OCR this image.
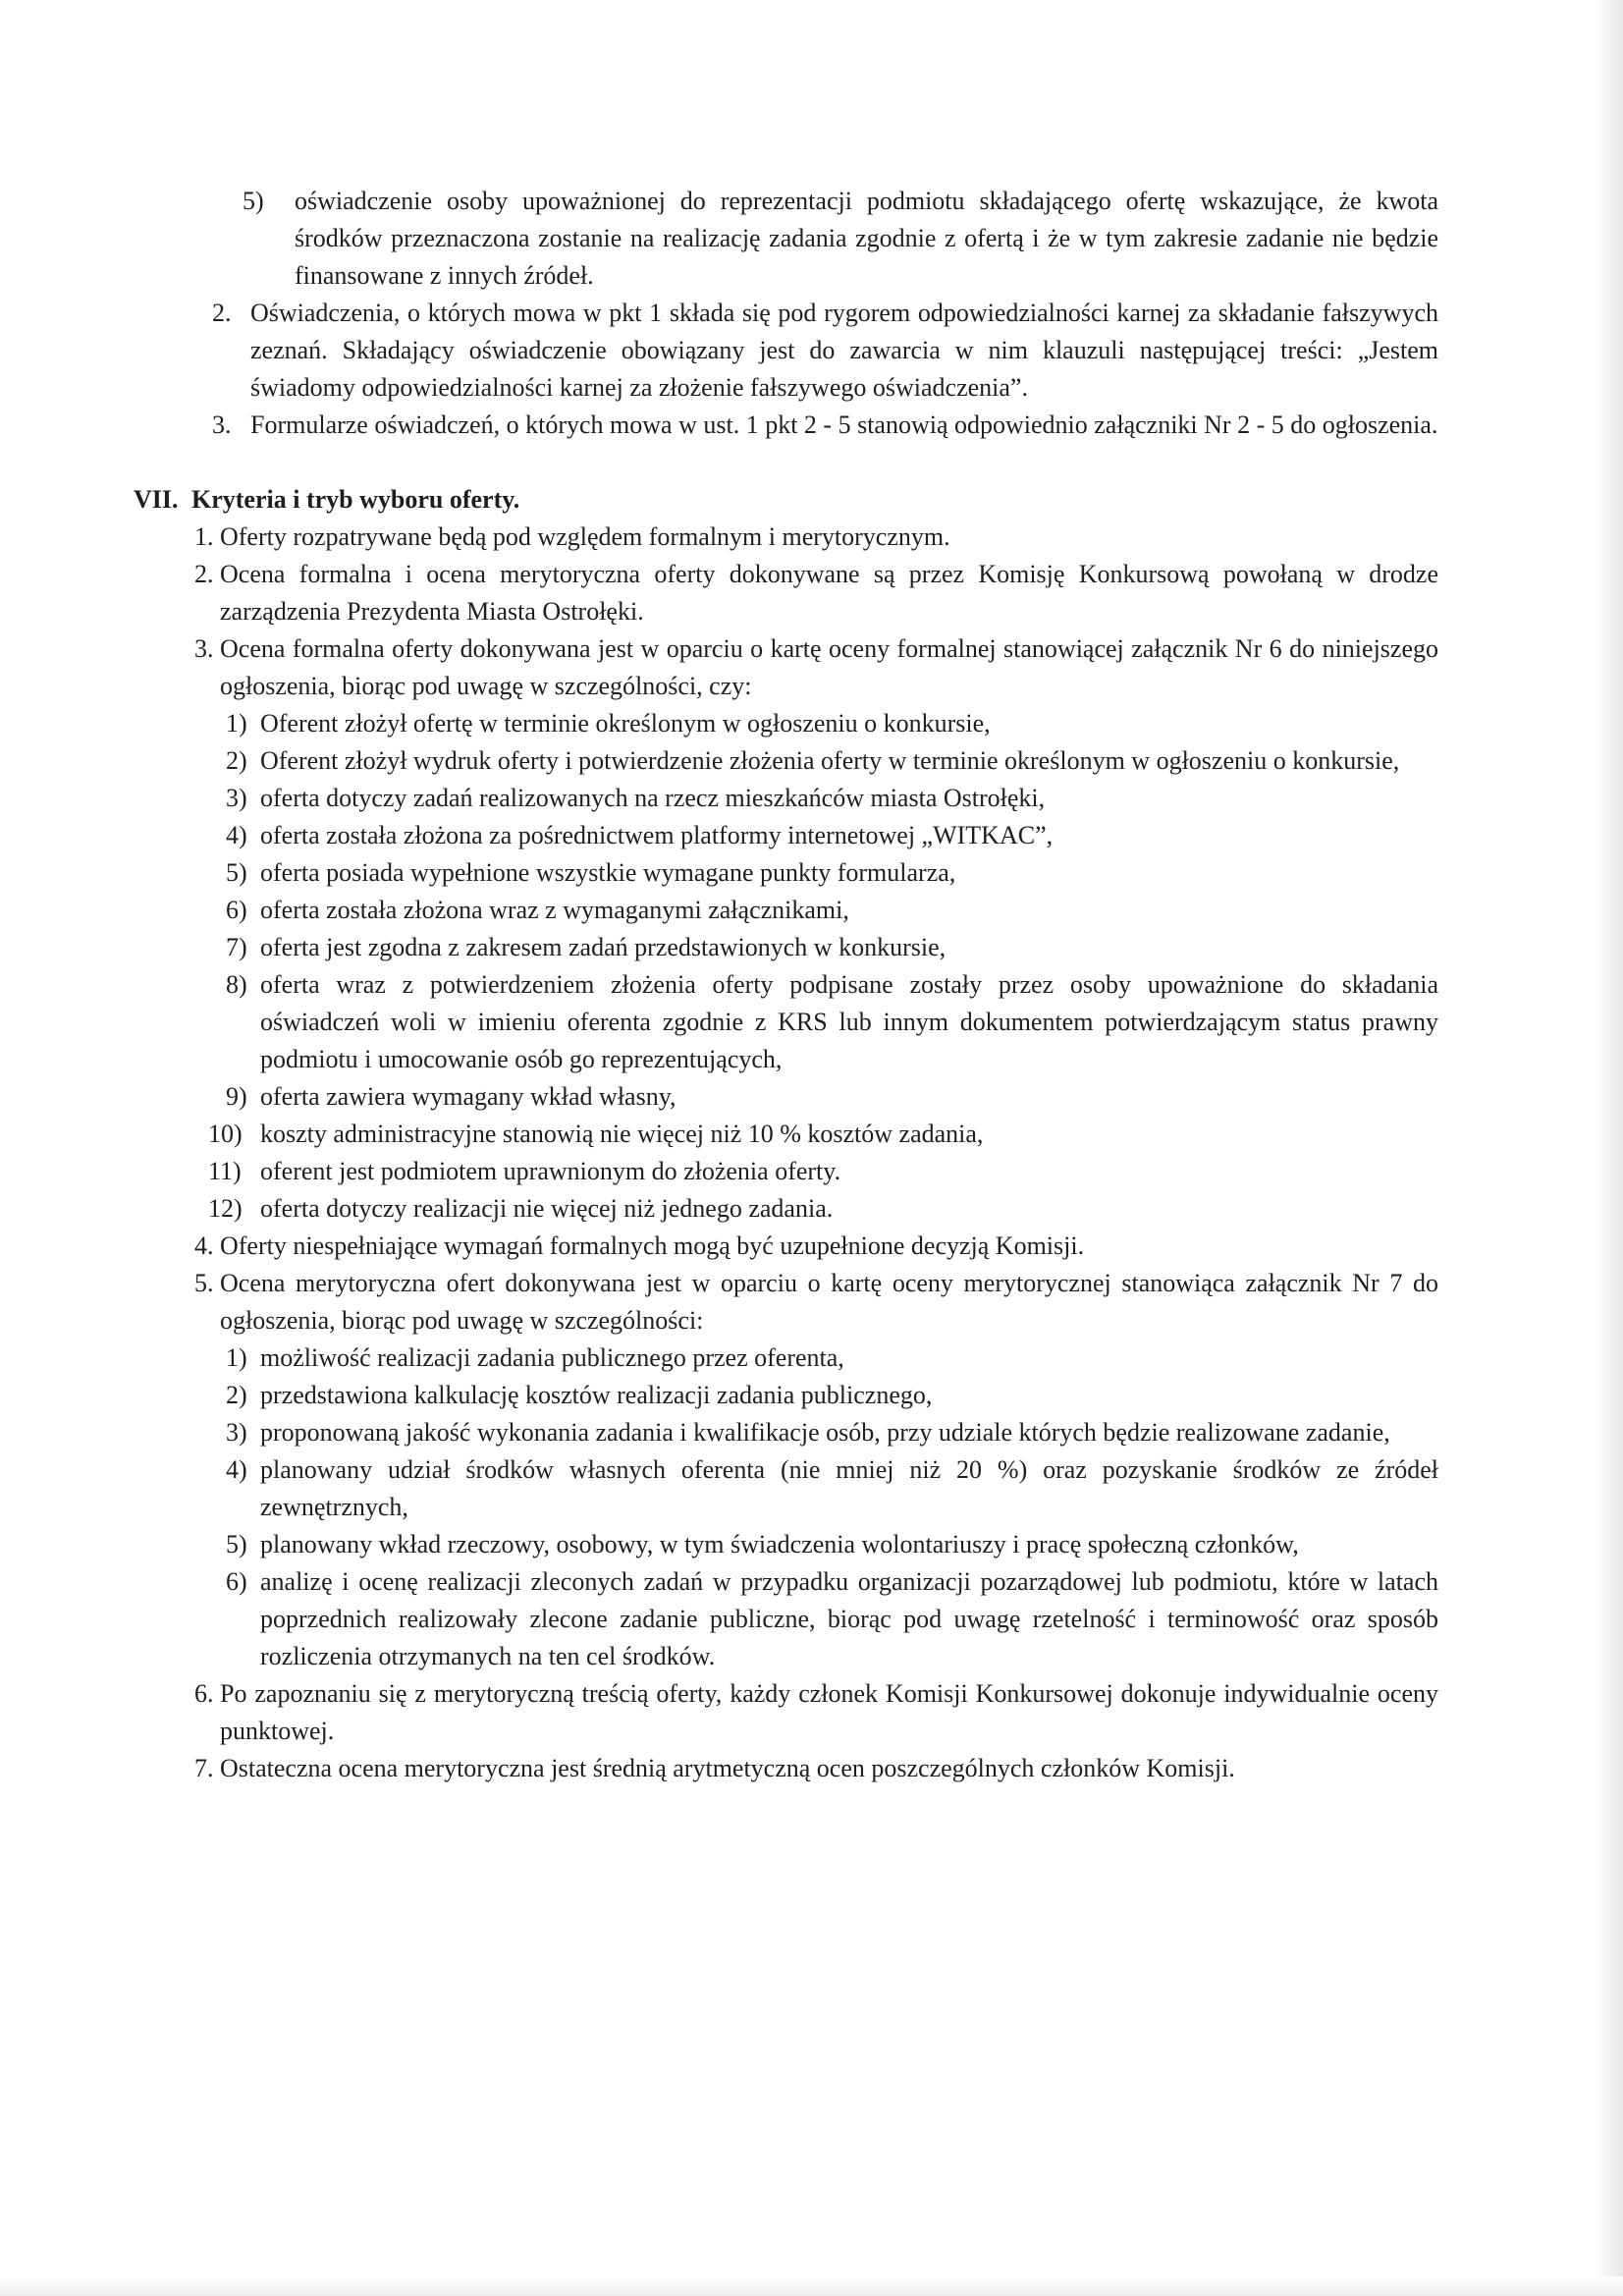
5) oświadczenie osoby upoważnionej do reprezentacji podmiotu składającego ofertę wskazujące, że kwota środków przeznaczona zostanie na realizację zadania zgodnie z ofertą i że w tym zakresie zadanie nie będzie finansowane z innych źródeł.
2. Oświadczenia, o których mowa w pkt 1 składa się pod rygorem odpowiedzialności karnej za składanie fałszywych zeznań. Składający oświadczenie obowiązany jest do zawarcia w nim klauzuli następującej treści: „Jestem świadomy odpowiedzialności karnej za złożenie fałszywego oświadczenia”.
3. Formularze oświadczeń, o których mowa w ust. 1 pkt 2 - 5 stanowią odpowiednio załączniki Nr 2 - 5 do ogłoszenia.
VII. Kryteria i tryb wyboru oferty.
1. Oferty rozpatrywane będą pod względem formalnym i merytorycznym.
2. Ocena formalna i ocena merytoryczna oferty dokonywane są przez Komisję Konkursową powołaną w drodze zarządzenia Prezydenta Miasta Ostrołęki.
3. Ocena formalna oferty dokonywana jest w oparciu o kartę oceny formalnej stanowiącej załącznik Nr 6 do niniejszego ogłoszenia, biorąc pod uwagę w szczególności, czy:
1) Oferent złożył ofertę w terminie określonym w ogłoszeniu o konkursie,
2) Oferent złożył wydruk oferty i potwierdzenie złożenia oferty w terminie określonym w ogłoszeniu o konkursie,
3) oferta dotyczy zadań realizowanych na rzecz mieszkańców miasta Ostrołęki,
4) oferta została złożona za pośrednictwem platformy internetowej „WITKAC”,
5) oferta posiada wypełnione wszystkie wymagane punkty formularza,
6) oferta została złożona wraz z wymaganymi załącznikami,
7) oferta jest zgodna z zakresem zadań przedstawionych w konkursie,
8) oferta wraz z potwierdzeniem złożenia oferty podpisane zostały przez osoby upoważnione do składania oświadczeń woli w imieniu oferenta zgodnie z KRS lub innym dokumentem potwierdzającym status prawny podmiotu i umocowanie osób go reprezentujących,
9) oferta zawiera wymagany wkład własny,
10) koszty administracyjne stanowią nie więcej niż 10 % kosztów zadania,
11) oferent jest podmiotem uprawnionym do złożenia oferty.
12) oferta dotyczy realizacji nie więcej niż jednego zadania.
4. Oferty niespełniające wymagań formalnych mogą być uzupełnione decyzją Komisji.
5. Ocena merytoryczna ofert dokonywana jest w oparciu o kartę oceny merytorycznej stanowiąca załącznik Nr 7 do ogłoszenia, biorąc pod uwagę w szczególności:
1) możliwość realizacji zadania publicznego przez oferenta,
2) przedstawiona kalkulację kosztów realizacji zadania publicznego,
3) proponowaną jakość wykonania zadania i kwalifikacje osób, przy udziale których będzie realizowane zadanie,
4) planowany udział środków własnych oferenta (nie mniej niż 20 %) oraz pozyskanie środków ze źródeł zewnętrznych,
5) planowany wkład rzeczowy, osobowy, w tym świadczenia wolontariuszy i pracę społeczną członków,
6) analizę i ocenę realizacji zleconych zadań w przypadku organizacji pozarządowej lub podmiotu, które w latach poprzednich realizowały zlecone zadanie publiczne, biorąc pod uwagę rzetelność i terminowość oraz sposób rozliczenia otrzymanych na ten cel środków.
6. Po zapoznaniu się z merytoryczną treścią oferty, każdy członek Komisji Konkursowej dokonuje indywidualnie oceny punktowej.
7. Ostateczna ocena merytoryczna jest średnią arytmetyczną ocen poszczególnych członków Komisji.
